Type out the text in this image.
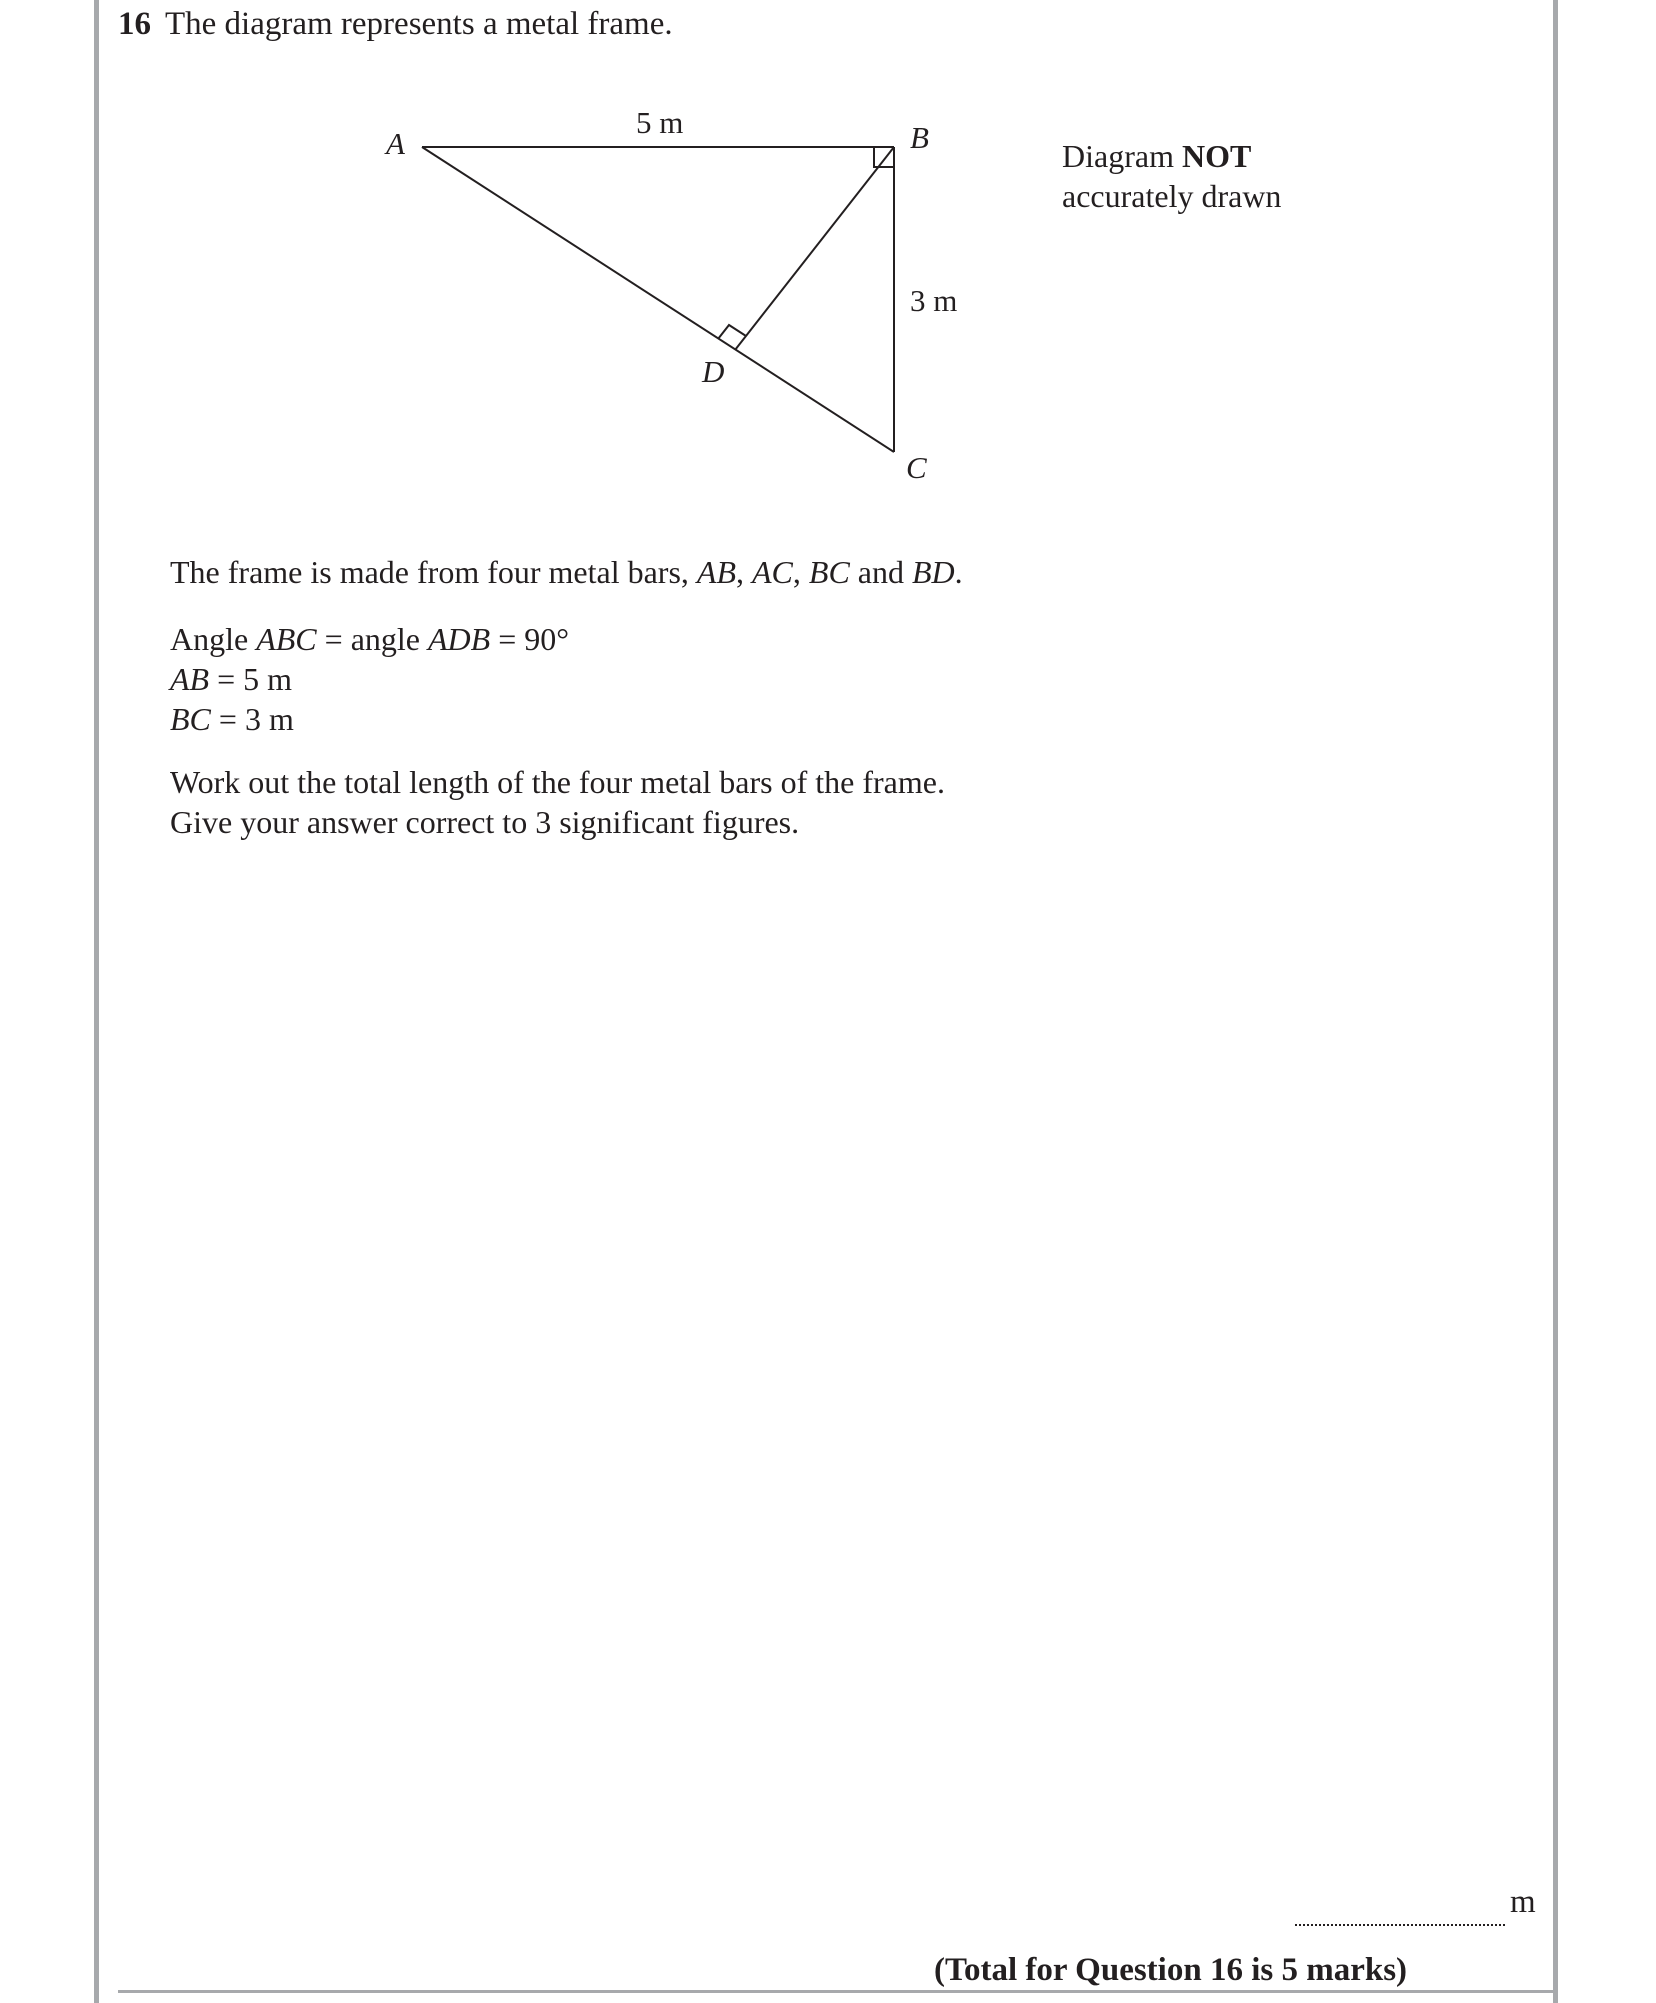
16 The diagram represents a metal frame.
A	B
C
D
5 m
3 m
Diagram NOT
accurately drawn
The frame is made from four metal bars, AB, AC, BC and BD.
Angle ABC = angle ADB = 90°
AB = 5 m
BC = 3 m
Work out the total length of the four metal bars of the frame.
Give your answer correct to 3 significant figures.
m
(Total for Question 16 is 5 marks)
